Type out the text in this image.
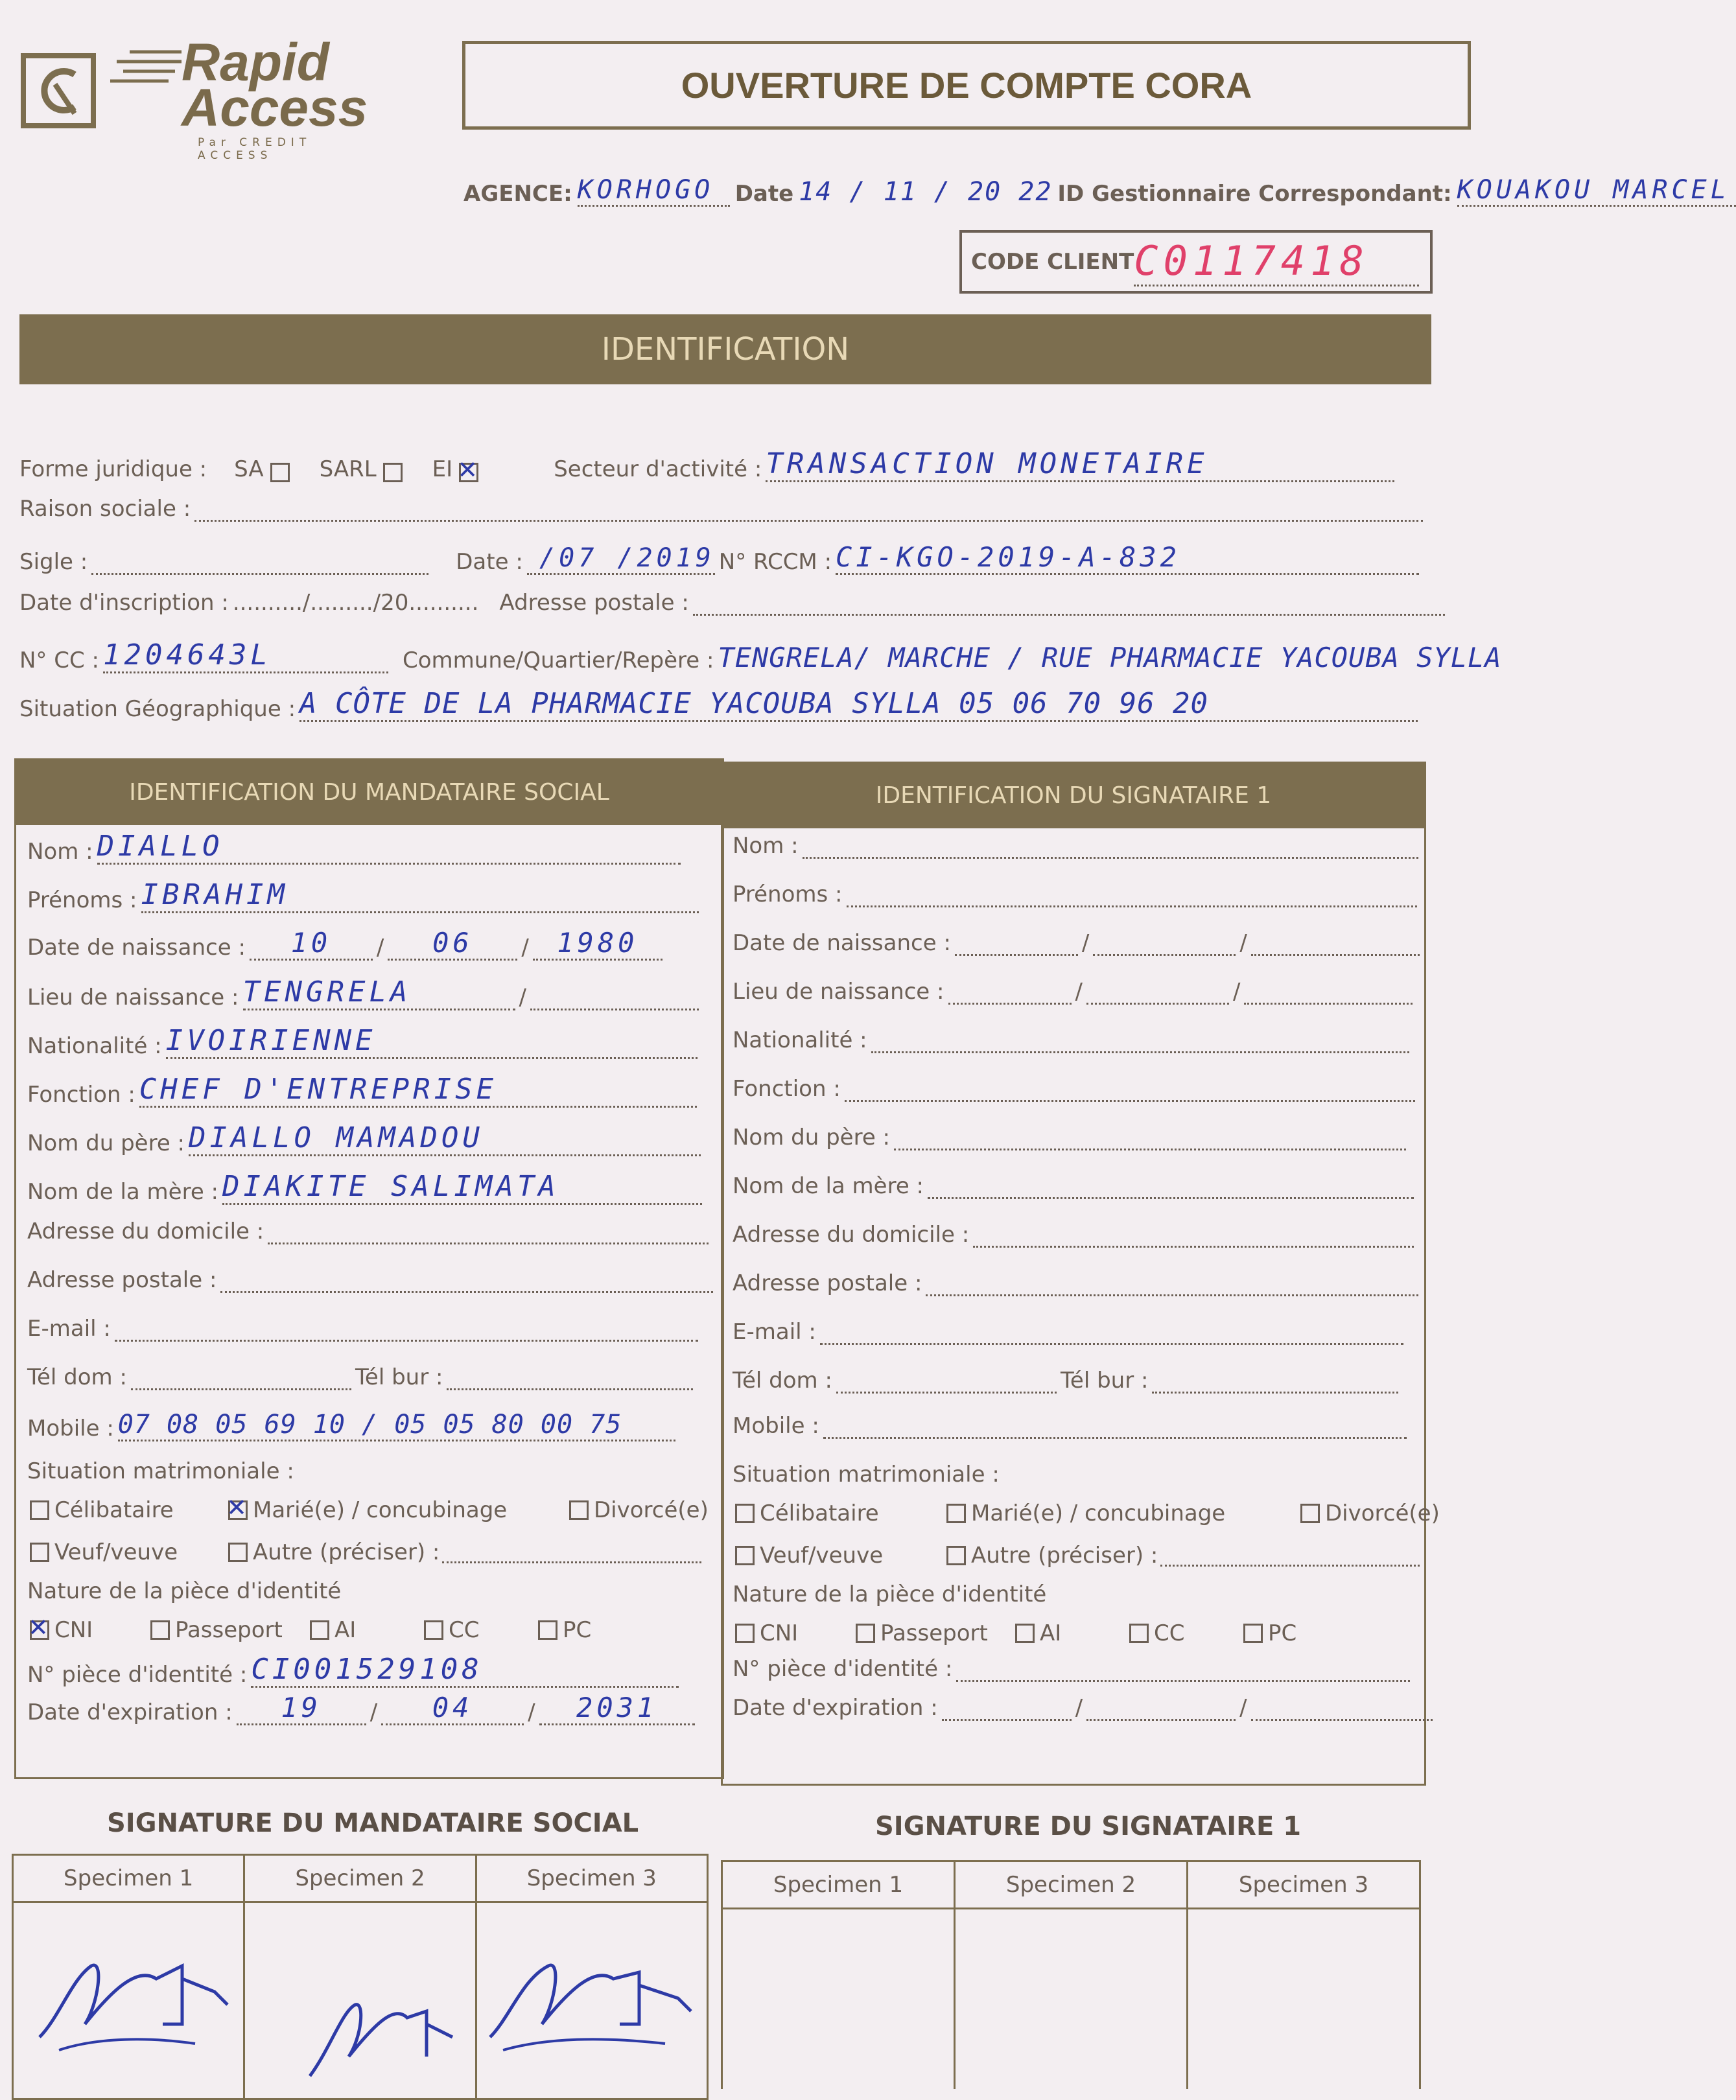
Rapid
Access
Par CREDIT ACCESS
OUVERTURE DE COMPTE CORA
AGENCE: KORHOGO Date 14 / 11 / 20 22 ID Gestionnaire Correspondant: KOUAKOU MARCEL
CODE CLIENT C0117418
IDENTIFICATION
Forme juridique : SA	SARL	EI ✕	Secteur d'activité : TRANSACTION MONETAIRE
Raison sociale :
Sigle :	Date : /07 /2019 N° RCCM : CI-KGO-2019-A-832
Date d'inscription : ........../........./20.......... Adresse postale :
N° CC : 1204643L	Commune/Quartier/Repère : TENGRELA/ MARCHE / RUE PHARMACIE YACOUBA SYLLA
Situation Géographique : A CÔTE DE LA PHARMACIE YACOUBA SYLLA 05 06 70 96 20
IDENTIFICATION DU MANDATAIRE SOCIAL	IDENTIFICATION DU SIGNATAIRE 1
Nom : DIALLO
Prénoms : IBRAHIM
Date de naissance :	10	/	06	/	1980
Lieu de naissance : TENGRELA	/
Nationalité : IVOIRIENNE
Fonction : CHEF D'ENTREPRISE
Nom du père : DIALLO MAMADOU
Nom de la mère : DIAKITE SALIMATA
Adresse du domicile :
Adresse postale :
E-mail :
Tél dom :	Tél bur :
Mobile : 07 08 05 69 10 / 05 05 80 00 75
Situation matrimoniale :
Célibataire ✕	Marié(e) / concubinage	Divorcé(e)
Veuf/veuve	Autre (préciser) :
Nature de la pièce d'identité
✕
CNI	Passeport	AI	CC	PC
N° pièce d'identité : CI001529108
Date d'expiration :	19	/	04	/	2031
Nom :
Prénoms :
Date de naissance :	/	/
Lieu de naissance :	/	/
Nationalité :
Fonction :
Nom du père :
Nom de la mère :
Adresse du domicile :
Adresse postale :
E-mail :
Tél dom :	Tél bur :
Mobile :
Situation matrimoniale :
Célibataire	Marié(e) / concubinage	Divorcé(e)
Veuf/veuve	Autre (préciser) :
Nature de la pièce d'identité
CNI	Passeport	AI	CC	PC
N° pièce d'identité :
Date d'expiration :	/	/
SIGNATURE DU MANDATAIRE SOCIAL	SIGNATURE DU SIGNATAIRE 1
Specimen 1	Specimen 2	Specimen 3	Specimen 1	Specimen 2	Specimen 3
